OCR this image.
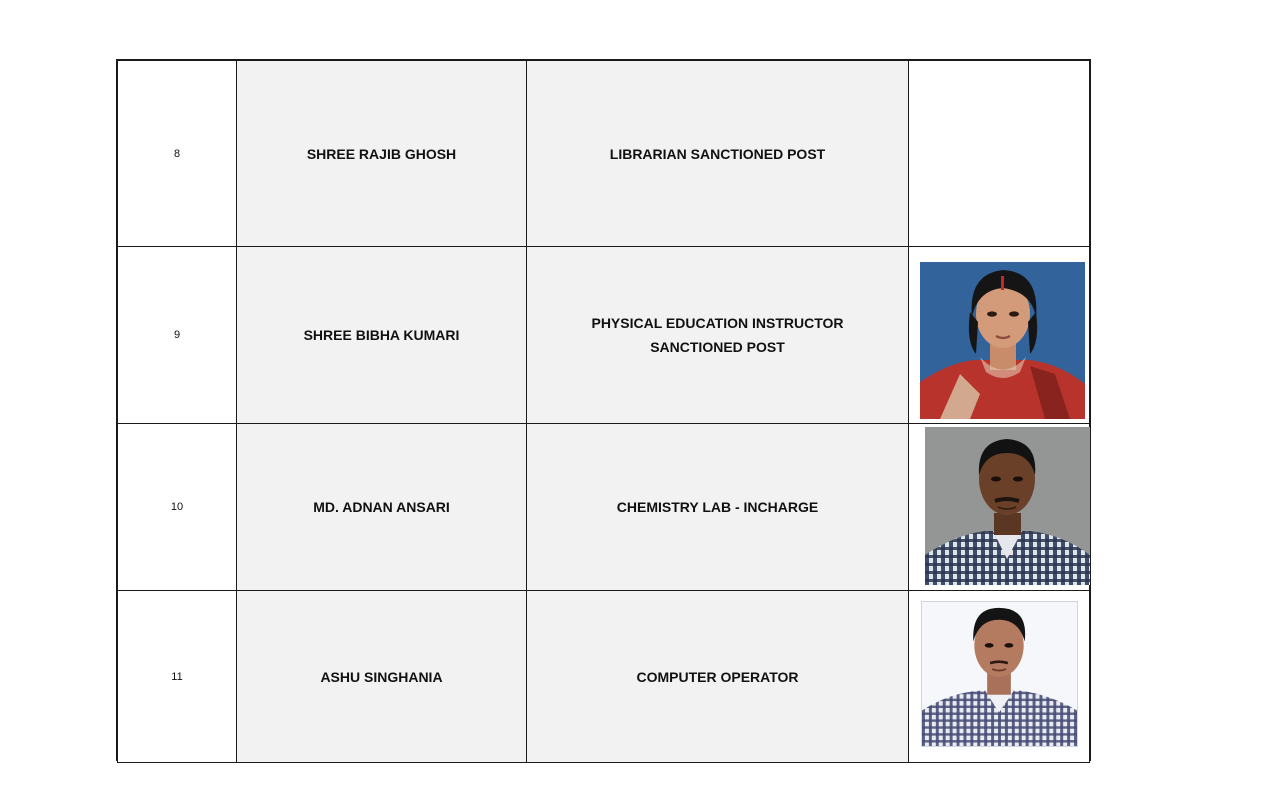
8	SHREE RAJIB GHOSH	LIBRARIAN SANCTIONED POST	

9	SHREE BIBHA KUMARI	PHYSICAL EDUCATION INSTRUCTOR
SANCTIONED POST

10	MD. ADNAN ANSARI	CHEMISTRY LAB - INCHARGE

11	ASHU SINGHANIA	COMPUTER OPERATOR
